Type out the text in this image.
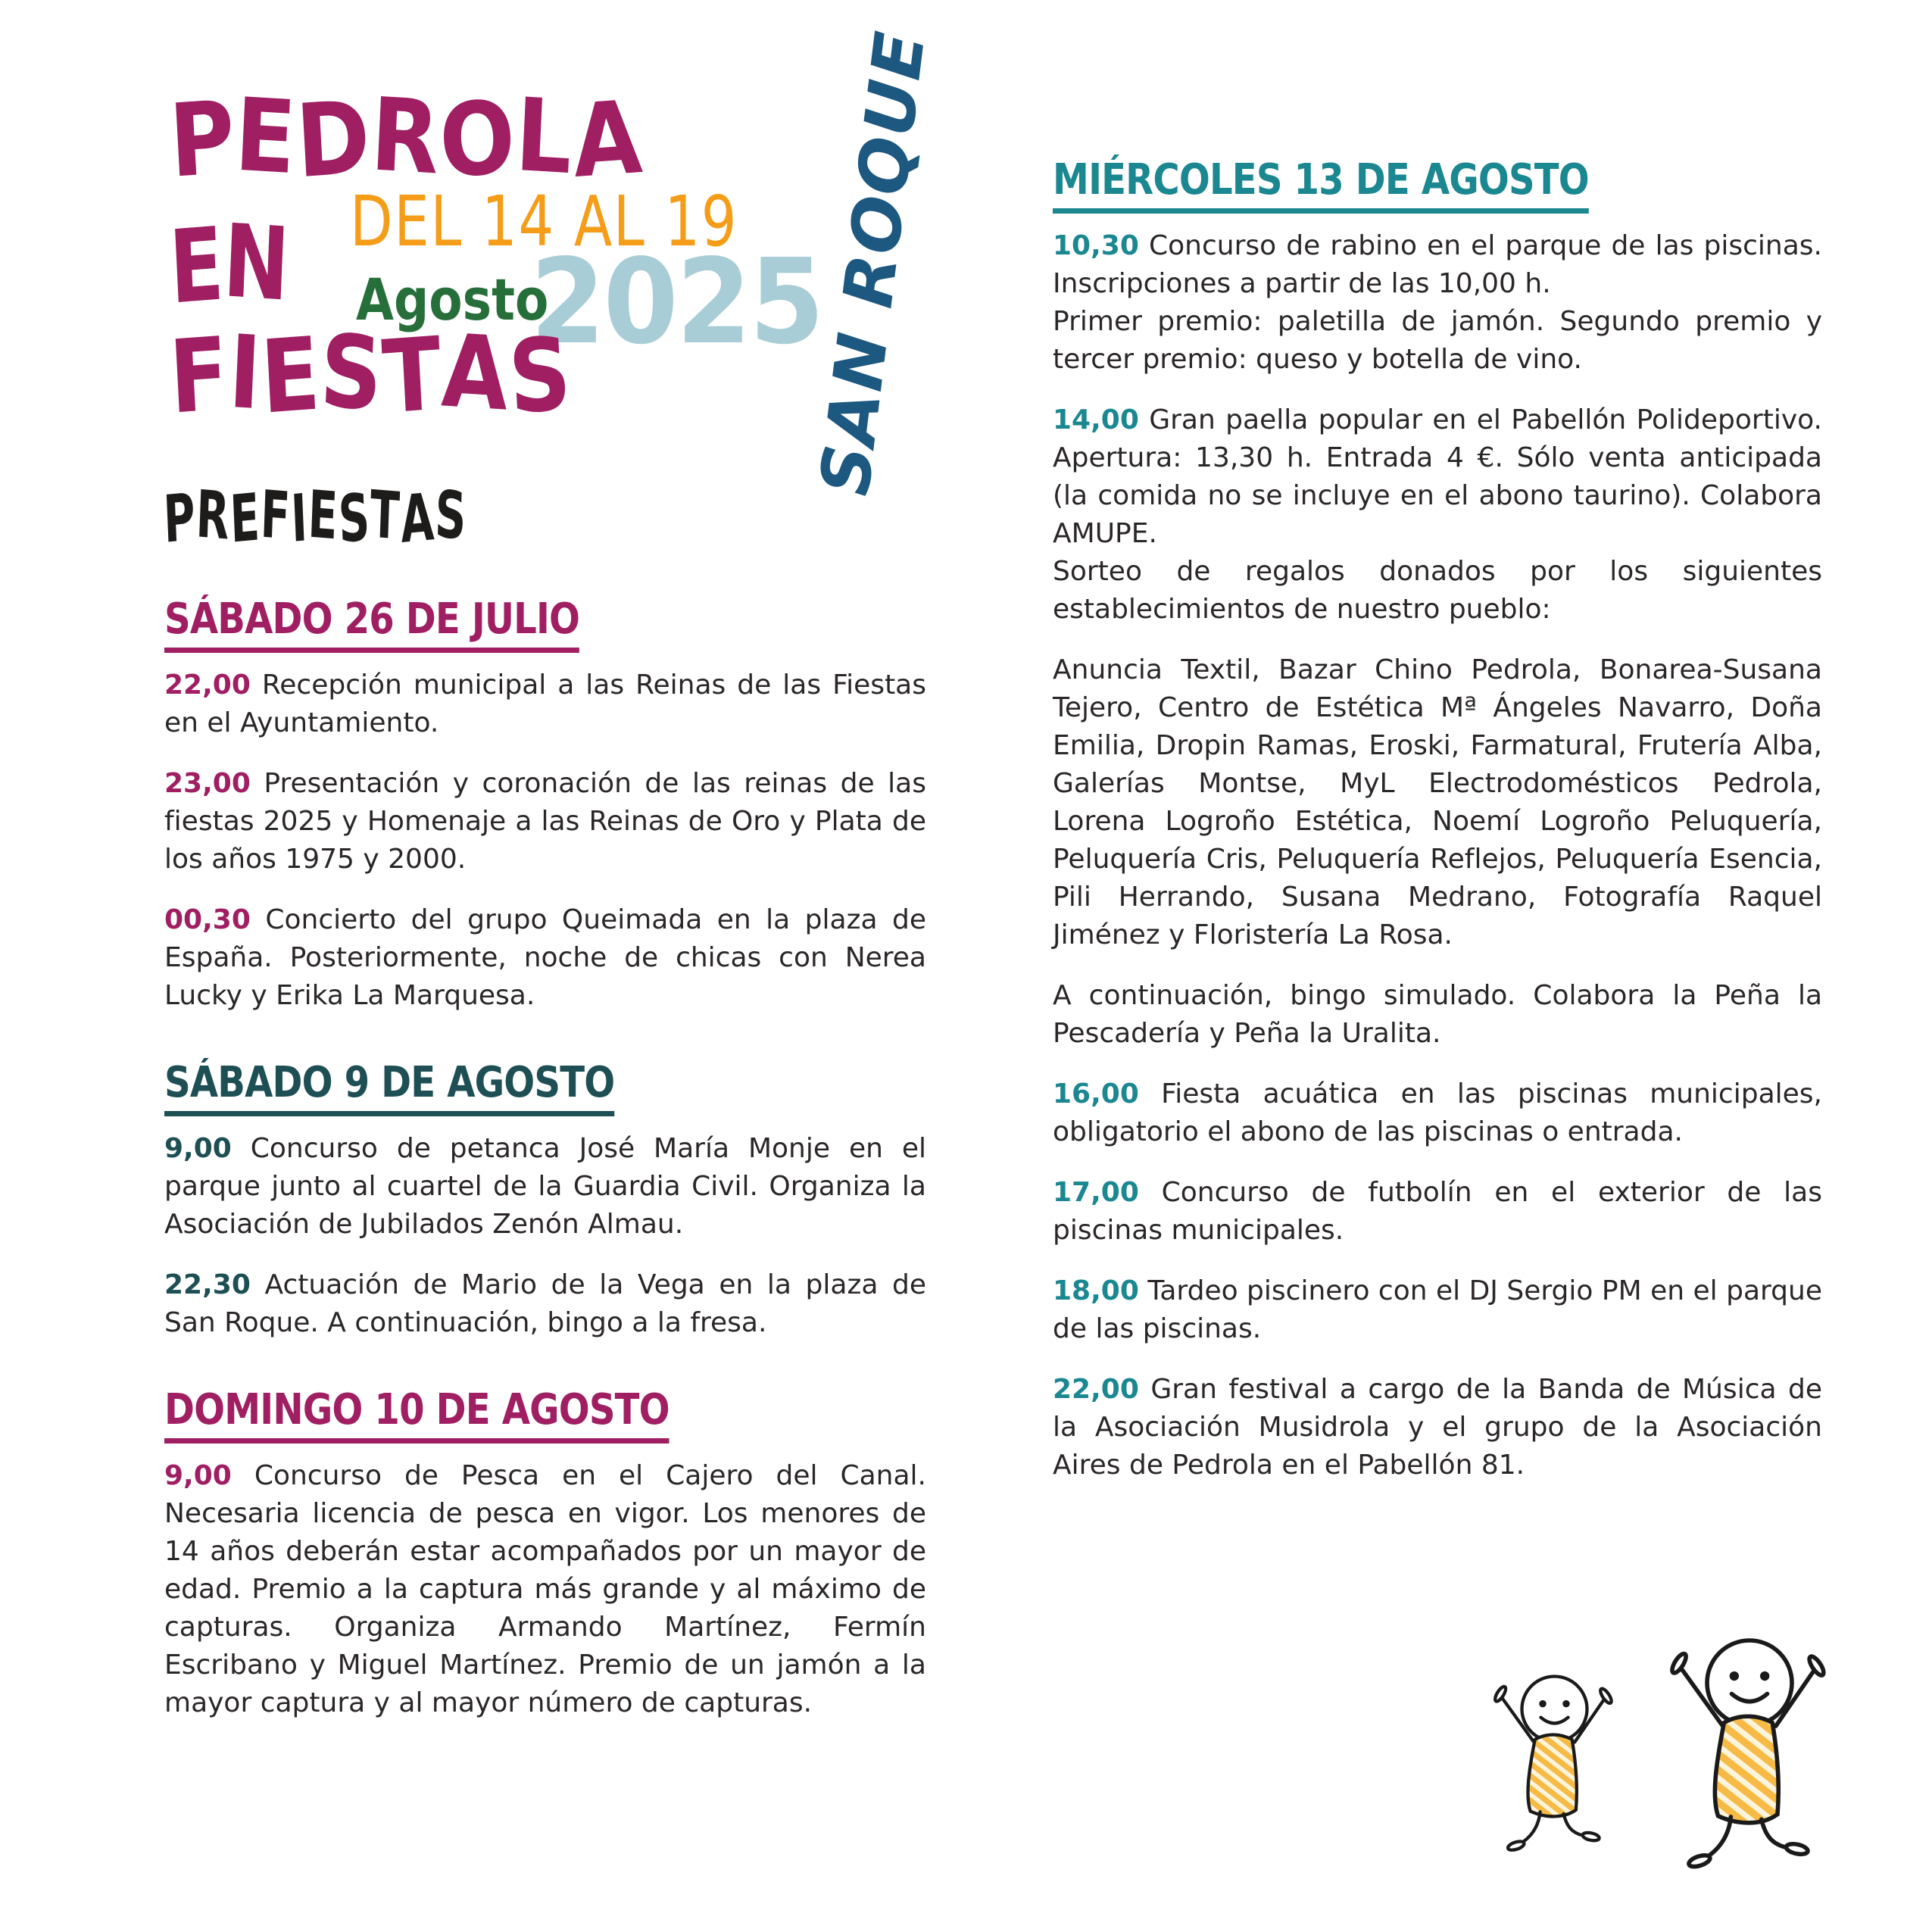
PEDROLA
DEL 14 AL 19
EN Agosto
2025
FIESTAS	SAN ROQUE
PREFIESTAS
SÁBADO 26 DE JULIO

22,00 Recepción municipal a las Reinas de las Fiestas en el Ayuntamiento.

23,00 Presentación y coronación de las reinas de las fiestas 2025 y Homenaje a las Reinas de Oro y Plata de los años 1975 y 2000.

00,30 Concierto del grupo Queimada en la plaza de España. Posteriormente, noche de chicas con Nerea Lucky y Erika La Marquesa.

SÁBADO 9 DE AGOSTO

9,00 Concurso de petanca José María Monje en el parque junto al cuartel de la Guardia Civil. Organiza la Asociación de Jubilados Zenón Almau.

22,30 Actuación de Mario de la Vega en la plaza de San Roque. A continuación, bingo a la fresa.

DOMINGO 10 DE AGOSTO

9,00 Concurso de Pesca en el Cajero del Canal. Necesaria licencia de pesca en vigor. Los menores de 14 años deberán estar acompañados por un mayor de edad. Premio a la captura más grande y al máximo de capturas. Organiza Armando Martínez, Fermín Escribano y Miguel Martínez. Premio de un jamón a la mayor captura y al mayor número de capturas.

MIÉRCOLES 13 DE AGOSTO

10,30 Concurso de rabino en el parque de las piscinas. Inscripciones a partir de las 10,00 h.

Primer premio: paletilla de jamón. Segundo premio y tercer premio: queso y botella de vino.

14,00 Gran paella popular en el Pabellón Polideportivo. Apertura: 13,30 h. Entrada 4 €. Sólo venta anticipada (la comida no se incluye en el abono taurino). Colabora AMUPE.

Sorteo de regalos donados por los siguientes establecimientos de nuestro pueblo:

Anuncia Textil, Bazar Chino Pedrola, Bonarea-Susana Tejero, Centro de Estética Mª Ángeles Navarro, Doña Emilia, Dropin Ramas, Eroski, Farmatural, Frutería Alba, Galerías Montse, MyL Electrodomésticos Pedrola, Lorena Logroño Estética, Noemí Logroño Peluquería, Peluquería Cris, Peluquería Reflejos, Peluquería Esencia, Pili Herrando, Susana Medrano, Fotografía Raquel Jiménez y Floristería La Rosa.

A continuación, bingo simulado. Colabora la Peña la Pescadería y Peña la Uralita.

16,00 Fiesta acuática en las piscinas municipales, obligatorio el abono de las piscinas o entrada.

17,00 Concurso de futbolín en el exterior de las piscinas municipales.

18,00 Tardeo piscinero con el DJ Sergio PM en el parque de las piscinas.

22,00 Gran festival a cargo de la Banda de Música de la Asociación Musidrola y el grupo de la Asociación Aires de Pedrola en el Pabellón 81.
